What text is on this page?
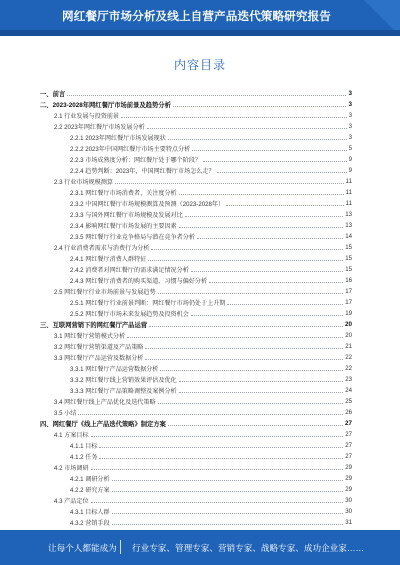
网红餐厅市场分析及线上自营产品迭代策略研究报告
内容目录
一、前言	3
二、2023-2028年网红餐厅市场前景及趋势分析	3
2.1 行业发展与投资前景	3
2.2 2023年网红餐厅市场发展分析	3
2.2.1 2023年网红餐厅市场发展现状	3
2.2.2 2023年中国网红餐厅市场主要特点分析	5
2.2.3 市场成熟度分析：网红餐厅处于哪个阶段？	9
2.2.4 趋势判断：2023年，中国网红餐厅市场怎么走？	9
2.3 行业市场规模测算	11
2.3.1 网红餐厅市场消费者、关注度分析	11
2.3.2 中国网红餐厅市场规模测算及预测（2023-2028年）	11
2.3.3 与国外网红餐厅市场规模及发展对比	13
2.3.4 影响网红餐厅市场发展的主要因素	13
2.3.5 网红餐厅行业竞争格局与潜在竞争者分析	14
2.4 行业消费者需求与消费行为分析	15
2.4.1 网红餐厅消费人群特征	15
2.4.2 消费者对网红餐厅的需求满足情况分析	15
2.4.3 网红餐厅消费者的购买渠道、习惯与偏好分析	16
2.5 网红餐厅行业市场前景与发展趋势	17
2.5.1 网红餐厅行业前景判断：网红餐厅市场仍处于上升期	17
2.5.2 网红餐厅市场未来发展趋势及投资机会	19
三、互联网营销下的网红餐厅产品运营	20
3.1 网红餐厅营销模式分析	20
3.2 网红餐厅营销渠道及产品策略	21
3.3 网红餐厅产品运营及数据分析	22
3.3.1 网红餐厅产品运营数据分析	22
3.3.2 网红餐厅线上营销效果评估及优化	23
3.3.3 网红餐厅产品策略调整及案例分析	24
3.4 网红餐厅线上产品优化及迭代策略	25
3.5 小结	26
四、网红餐厅《线上产品迭代策略》制定方案	27
4.1 方案目标	27
4.1.1 目标	27
4.1.2 任务	27
4.2 市场调研	29
4.2.1 调研分析	29
4.2.2 研究方案	29
4.3 产品定位	30
4.3.1 目标人群	30
4.3.2 营销手段	31
让每个人都能成为 行业专家、管理专家、营销专家、战略专家、成功企业家……
